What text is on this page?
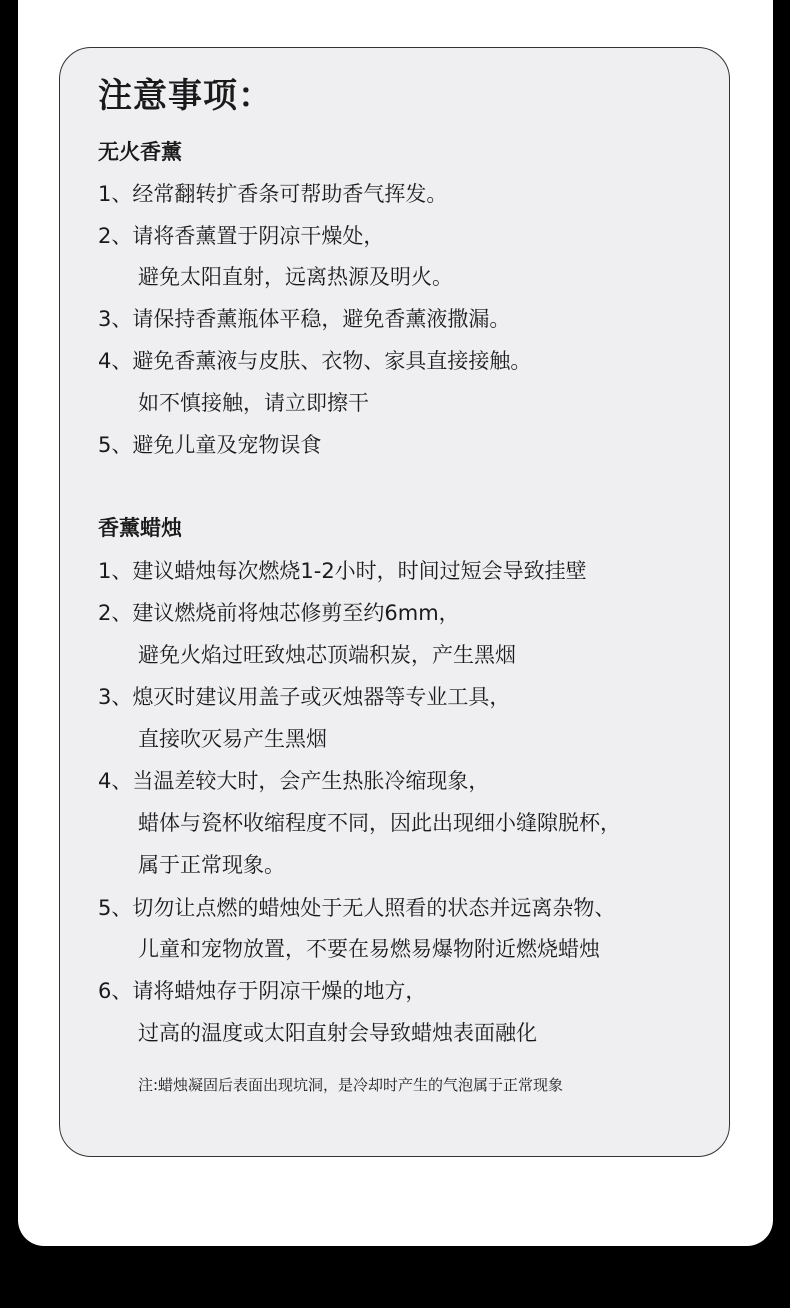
注意事项：
无火香薰
1、经常翻转扩香条可帮助香气挥发。
2、请将香薰置于阴凉干燥处，
避免太阳直射，远离热源及明火。
3、请保持香薰瓶体平稳，避免香薰液撒漏。
4、避免香薰液与皮肤、衣物、家具直接接触。
如不慎接触，请立即擦干
5、避免儿童及宠物误食
香薰蜡烛
1、建议蜡烛每次燃烧1-2小时，时间过短会导致挂壁
2、建议燃烧前将烛芯修剪至约6mm，
避免火焰过旺致烛芯顶端积炭，产生黑烟
3、熄灭时建议用盖子或灭烛器等专业工具，
直接吹灭易产生黑烟
4、当温差较大时，会产生热胀冷缩现象，
蜡体与瓷杯收缩程度不同，因此出现细小缝隙脱杯，
属于正常现象。
5、切勿让点燃的蜡烛处于无人照看的状态并远离杂物、
儿童和宠物放置，不要在易燃易爆物附近燃烧蜡烛
6、请将蜡烛存于阴凉干燥的地方，
过高的温度或太阳直射会导致蜡烛表面融化
注:蜡烛凝固后表面出现坑洞，是冷却时产生的气泡属于正常现象
